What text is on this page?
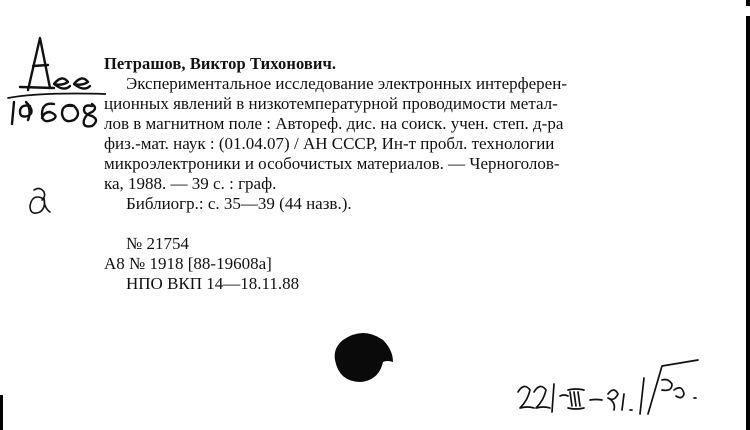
Петрашов, Виктор Тихонович.

Экспериментальное исследование электронных интерферен-

ционных явлений в низкотемпературной проводимости метал-

лов в магнитном поле : Автореф. дис. на соиск. учен. степ. д-ра

физ.-мат. наук : (01.04.07) / АН СССР, Ин-т пробл. технологии

микроэлектроники и особочистых материалов. — Черноголов-

ка, 1988. — 39 с. : граф.

Библиогр.: с. 35—39 (44 назв.).

№ 21754

А8 № 1918 [88-19608а]

НПО ВКП 14—18.11.88
